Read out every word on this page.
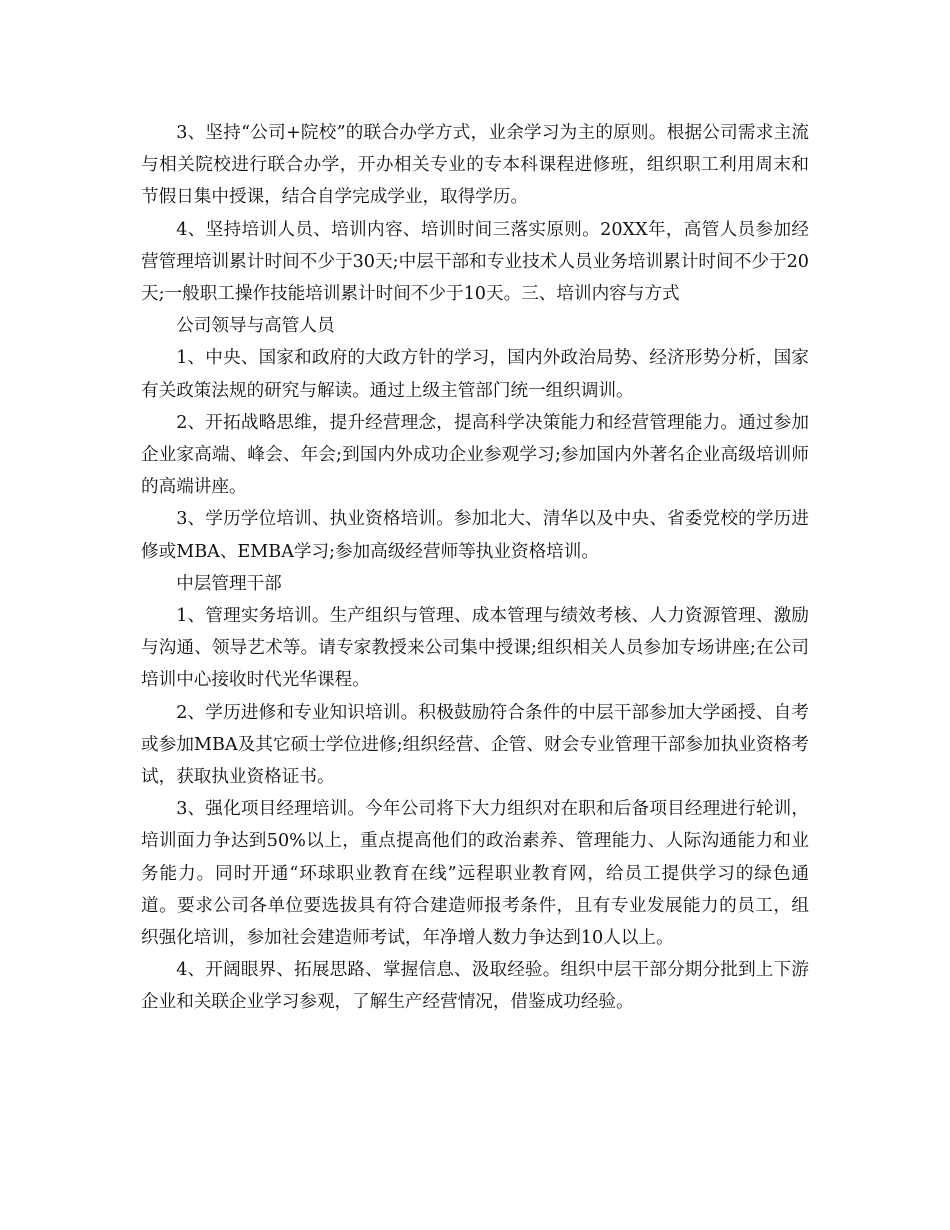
3、坚持“公司+院校”的联合办学方式，业余学习为主的原则。根据公司需求主流与相关院校进行联合办学，开办相关专业的专本科课程进修班，组织职工利用周末和节假日集中授课，结合自学完成学业，取得学历。

4、坚持培训人员、培训内容、培训时间三落实原则。20XX年，高管人员参加经营管理培训累计时间不少于30天;中层干部和专业技术人员业务培训累计时间不少于20天;一般职工操作技能培训累计时间不少于10天。三、培训内容与方式

公司领导与高管人员

1、中央、国家和政府的大政方针的学习，国内外政治局势、经济形势分析，国家有关政策法规的研究与解读。通过上级主管部门统一组织调训。

2、开拓战略思维，提升经营理念，提高科学决策能力和经营管理能力。通过参加企业家高端、峰会、年会;到国内外成功企业参观学习;参加国内外著名企业高级培训师的高端讲座。

3、学历学位培训、执业资格培训。参加北大、清华以及中央、省委党校的学历进修或MBA、EMBA学习;参加高级经营师等执业资格培训。

中层管理干部

1、管理实务培训。生产组织与管理、成本管理与绩效考核、人力资源管理、激励与沟通、领导艺术等。请专家教授来公司集中授课;组织相关人员参加专场讲座;在公司培训中心接收时代光华课程。

2、学历进修和专业知识培训。积极鼓励符合条件的中层干部参加大学函授、自考或参加MBA及其它硕士学位进修;组织经营、企管、财会专业管理干部参加执业资格考试，获取执业资格证书。

3、强化项目经理培训。今年公司将下大力组织对在职和后备项目经理进行轮训，培训面力争达到50%以上，重点提高他们的政治素养、管理能力、人际沟通能力和业务能力。同时开通“环球职业教育在线”远程职业教育网，给员工提供学习的绿色通道。要求公司各单位要选拔具有符合建造师报考条件，且有专业发展能力的员工，组织强化培训，参加社会建造师考试，年净增人数力争达到10人以上。

4、开阔眼界、拓展思路、掌握信息、汲取经验。组织中层干部分期分批到上下游企业和关联企业学习参观，了解生产经营情况，借鉴成功经验。
